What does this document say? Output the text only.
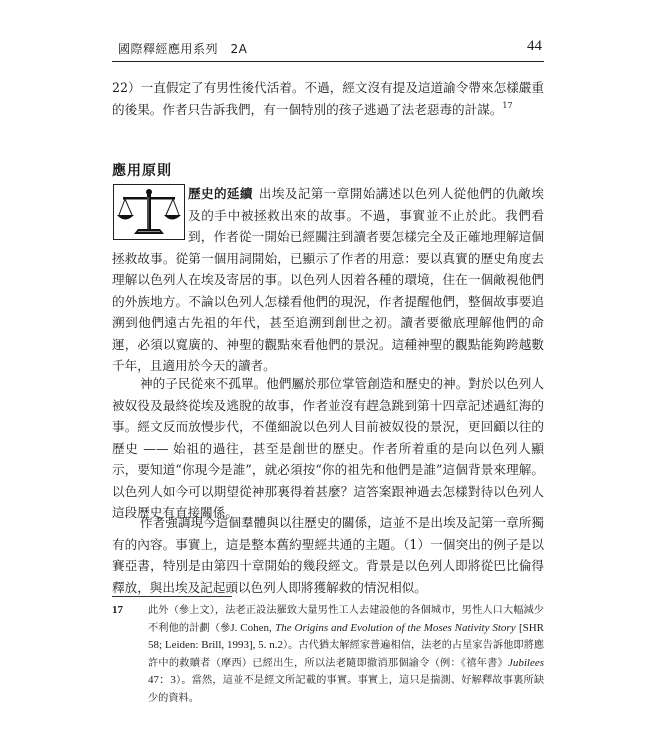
國際釋經應用系列　2A	44
22）一直假定了有男性後代活着。不過，經文沒有提及這道諭令帶來怎樣嚴重的後果。作者只告訴我們，有一個特別的孩子逃過了法老惡毒的計謀。$^{17}$
應用原則
歷史的延續 出埃及記第一章開始講述以色列人從他們的仇敵埃及的手中被拯救出來的故事。不過，事實並不止於此。我們看到，作者從一開始已經關注到讀者要怎樣完全及正確地理解這個拯救故事。從第一個用詞開始，已顯示了作者的用意：要以真實的歷史角度去理解以色列人在埃及寄居的事。以色列人因着各種的環境，住在一個敵視他們的外族地方。不論以色列人怎樣看他們的現況，作者提醒他們，整個故事要追溯到他們遠古先祖的年代，甚至追溯到創世之初。讀者要徹底理解他們的命運，必須以寬廣的、神聖的觀點來看他們的景況。這種神聖的觀點能夠跨越數千年，且適用於今天的讀者。
神的子民從來不孤單。他們屬於那位掌管創造和歷史的神。對於以色列人被奴役及最終從埃及逃脫的故事，作者並沒有趕急跳到第十四章記述過紅海的事。經文反而放慢步代，不僅細說以色列人目前被奴役的景況，更回顧以往的歷史 —— 始祖的過往，甚至是創世的歷史。作者所着重的是向以色列人顯示，要知道“你現今是誰”，就必須按“你的祖先和他們是誰”這個背景來理解。以色列人如今可以期望從神那裏得着甚麼？這答案跟神過去怎樣對待以色列人這段歷史有直接關係。
作者強調現今這個羣體與以往歷史的關係，這並不是出埃及記第一章所獨有的內容。事實上，這是整本舊約聖經共通的主題。（1）一個突出的例子是以賽亞書，特別是由第四十章開始的幾段經文。背景是以色列人即將從巴比倫得釋放，與出埃及記起頭以色列人即將獲解救的情況相似。
17 此外（參上文），法老正設法羅致大量男性工人去建設他的各個城市，男性人口大幅減少不利他的計劃（參J. Cohen, The Origins and Evolution of the Moses Nativity Story [SHR 58; Leiden: Brill, 1993], 5. n.2）。古代猶太解經家普遍相信，法老的占星家告訴他即將應許中的救贖者（摩西）已經出生，所以法老隨即撤消那個諭令（例：《禧年書》Jubilees 47：3）。當然，這並不是經文所記載的事實。事實上，這只是揣測、好解釋故事裏所缺少的資料。
